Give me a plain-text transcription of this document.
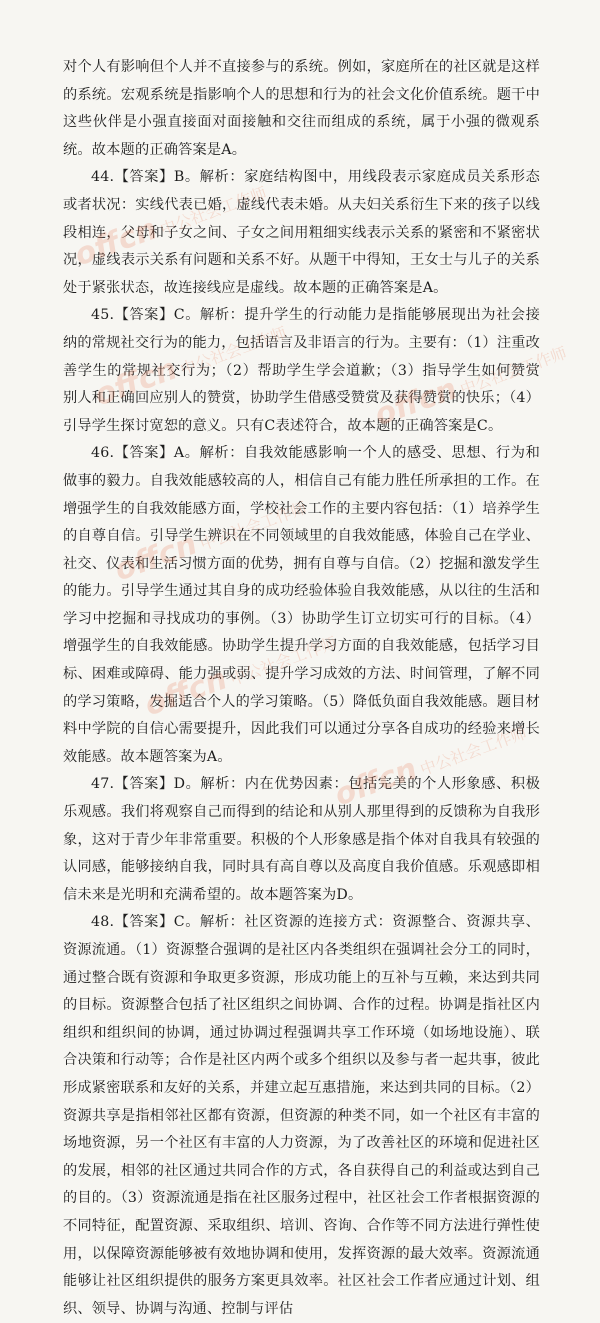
对个人有影响但个人并不直接参与的系统。例如，家庭所在的社区就是这样的系统。宏观系统是指影响个人的思想和行为的社会文化价值系统。题干中这些伙伴是小强直接面对面接触和交往而组成的系统，属于小强的微观系统。故本题的正确答案是A。

44.【答案】B。解析：家庭结构图中，用线段表示家庭成员关系形态或者状况：实线代表已婚，虚线代表未婚。从夫妇关系衍生下来的孩子以线段相连，父母和子女之间、子女之间用粗细实线表示关系的紧密和不紧密状况，虚线表示关系有问题和关系不好。从题干中得知，王女士与儿子的关系处于紧张状态，故连接线应是虚线。故本题的正确答案是A。

45.【答案】C。解析：提升学生的行动能力是指能够展现出为社会接纳的常规社交行为的能力，包括语言及非语言的行为。主要有：（1）注重改善学生的常规社交行为；（2）帮助学生学会道歉；（3）指导学生如何赞赏别人和正确回应别人的赞赏，协助学生借感受赞赏及获得赞赏的快乐；（4）引导学生探讨宽恕的意义。只有C表述符合，故本题的正确答案是C。

46.【答案】A。解析：自我效能感影响一个人的感受、思想、行为和做事的毅力。自我效能感较高的人，相信自己有能力胜任所承担的工作。在增强学生的自我效能感方面，学校社会工作的主要内容包括：（1）培养学生的自尊自信。引导学生辨识在不同领域里的自我效能感，体验自己在学业、社交、仪表和生活习惯方面的优势，拥有自尊与自信。（2）挖掘和激发学生的能力。引导学生通过其自身的成功经验体验自我效能感，从以往的生活和学习中挖掘和寻找成功的事例。（3）协助学生订立切实可行的目标。（4）增强学生的自我效能感。协助学生提升学习方面的自我效能感，包括学习目标、困难或障碍、能力强或弱、提升学习成效的方法、时间管理，了解不同的学习策略，发掘适合个人的学习策略。（5）降低负面自我效能感。题目材料中学院的自信心需要提升，因此我们可以通过分享各自成功的经验来增长效能感。故本题答案为A。

47.【答案】D。解析：内在优势因素：包括完美的个人形象感、积极乐观感。我们将观察自己而得到的结论和从别人那里得到的反馈称为自我形象，这对于青少年非常重要。积极的个人形象感是指个体对自我具有较强的认同感，能够接纳自我，同时具有高自尊以及高度自我价值感。乐观感即相信未来是光明和充满希望的。故本题答案为D。

48.【答案】C。解析：社区资源的连接方式：资源整合、资源共享、资源流通。（1）资源整合强调的是社区内各类组织在强调社会分工的同时，通过整合既有资源和争取更多资源，形成功能上的互补与互赖，来达到共同的目标。资源整合包括了社区组织之间协调、合作的过程。协调是指社区内组织和组织间的协调，通过协调过程强调共享工作环境（如场地设施）、联合决策和行动等；合作是社区内两个或多个组织以及参与者一起共事，彼此形成紧密联系和友好的关系，并建立起互惠措施，来达到共同的目标。（2）资源共享是指相邻社区都有资源，但资源的种类不同，如一个社区有丰富的场地资源，另一个社区有丰富的人力资源，为了改善社区的环境和促进社区的发展，相邻的社区通过共同合作的方式，各自获得自己的利益或达到自己的目的。（3）资源流通是指在社区服务过程中，社区社会工作者根据资源的不同特征，配置资源、采取组织、培训、咨询、合作等不同方法进行弹性使用，以保障资源能够被有效地协调和使用，发挥资源的最大效率。资源流通能够让社区组织提供的服务方案更具效率。社区社会工作者应通过计划、组织、领导、协调与沟通、控制与评估

offcn中公社会工作师
offcn中公社会工作师
offcn中公社会工作师
offcn中公社会工作师
offcn中公社会工作师
offcn中公社会工作师
